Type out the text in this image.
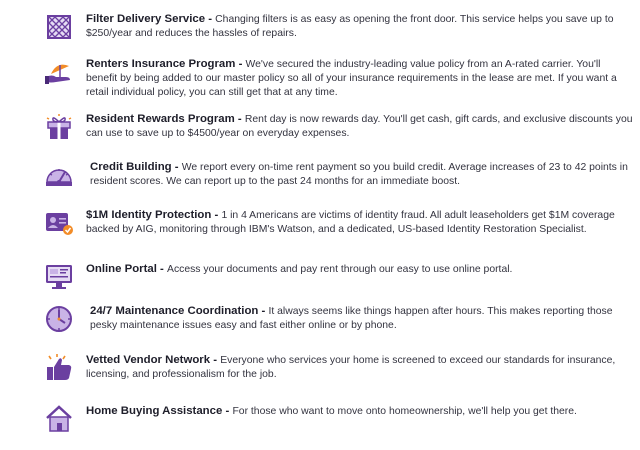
Filter Delivery Service - Changing filters is as easy as opening the front door. This service helps you save up to $250/year and reduces the hassles of repairs.
Renters Insurance Program - We've secured the industry-leading value policy from an A-rated carrier. You'll benefit by being added to our master policy so all of your insurance requirements in the lease are met. If you want a retail individual policy, you can still get that at any time.
Resident Rewards Program - Rent day is now rewards day. You'll get cash, gift cards, and exclusive discounts you can use to save up to $4500/year on everyday expenses.
Credit Building - We report every on-time rent payment so you build credit. Average increases of 23 to 42 points in resident scores. We can report up to the past 24 months for an immediate boost.
$1M Identity Protection - 1 in 4 Americans are victims of identity fraud. All adult leaseholders get $1M coverage backed by AIG, monitoring through IBM's Watson, and a dedicated, US-based Identity Restoration Specialist.
Online Portal - Access your documents and pay rent through our easy to use online portal.
24/7 Maintenance Coordination - It always seems like things happen after hours. This makes reporting those pesky maintenance issues easy and fast either online or by phone.
Vetted Vendor Network - Everyone who services your home is screened to exceed our standards for insurance, licensing, and professionalism for the job.
Home Buying Assistance - For those who want to move onto homeownership, we'll help you get there.
